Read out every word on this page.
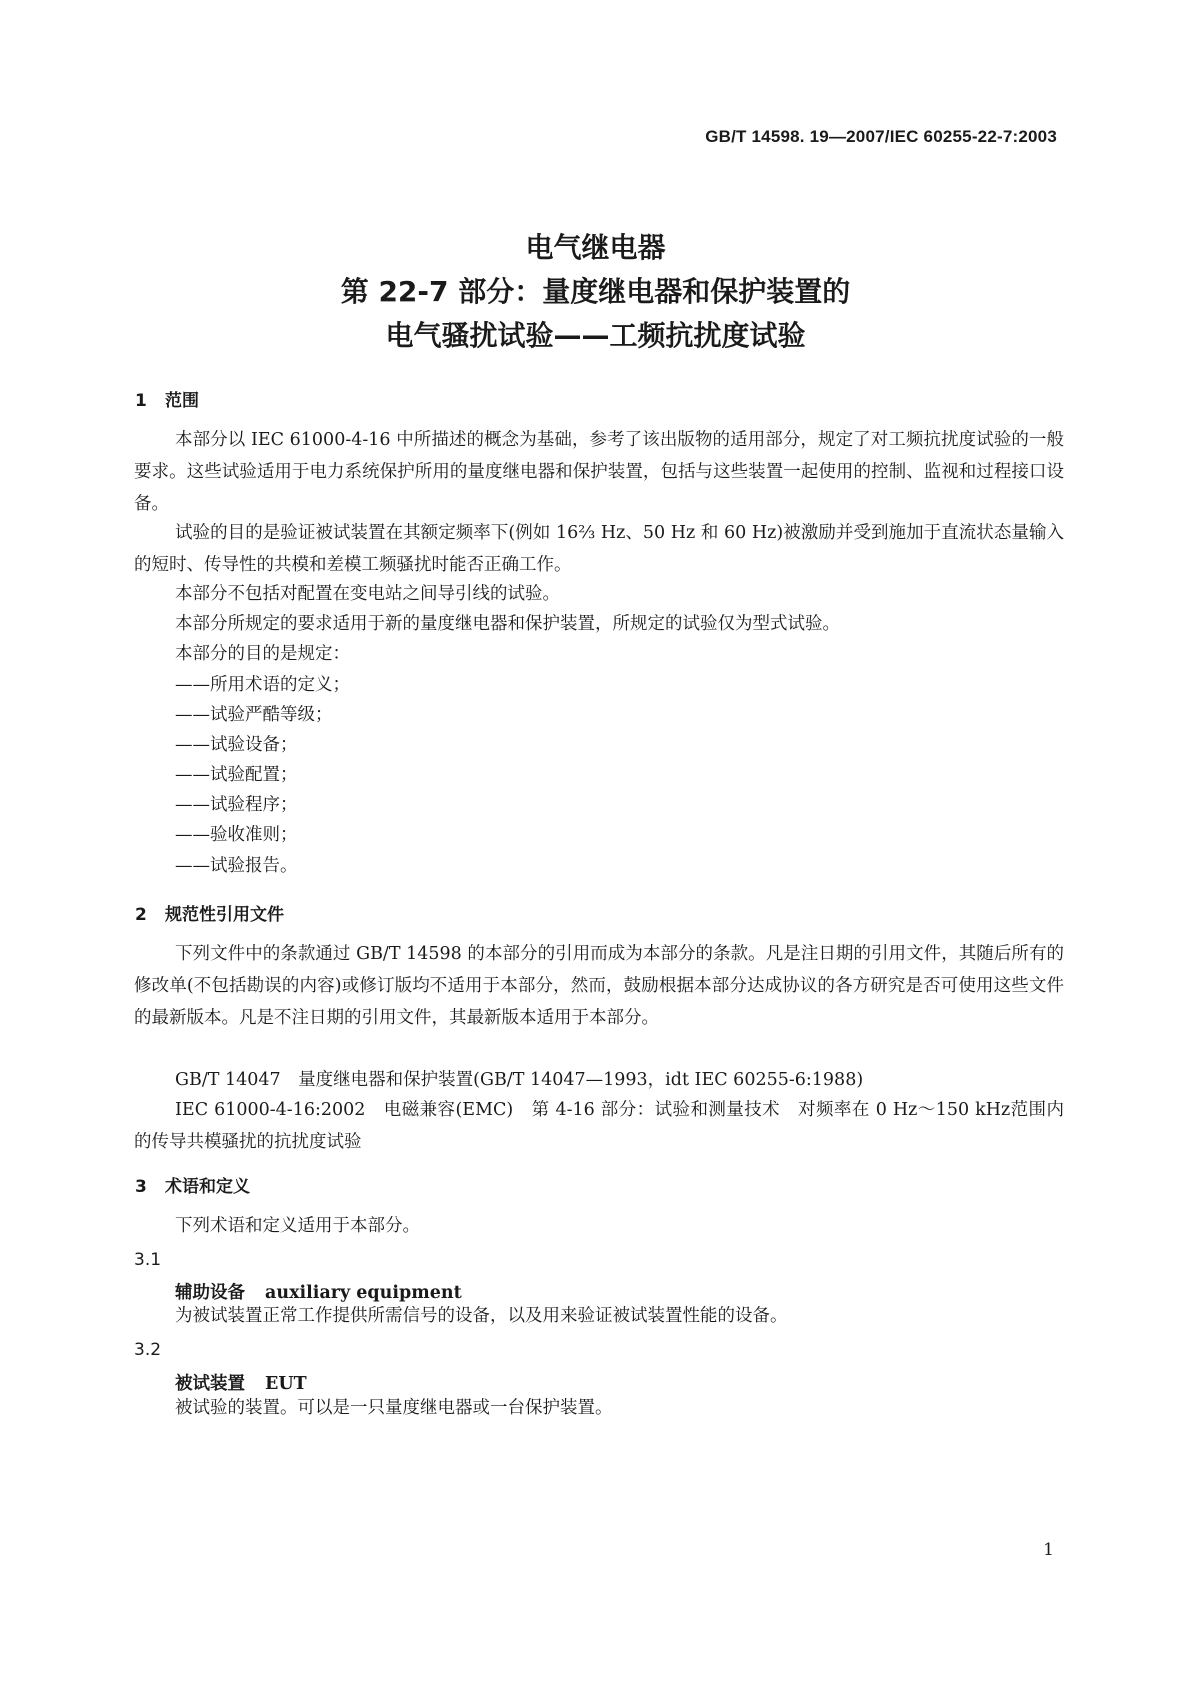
GB/T 14598. 19—2007/IEC 60255-22-7:2003
电气继电器
第 22-7 部分：量度继电器和保护装置的
电气骚扰试验——工频抗扰度试验
1 范围
本部分以 IEC 61000-4-16 中所描述的概念为基础，参考了该出版物的适用部分，规定了对工频抗扰度试验的一般要求。这些试验适用于电力系统保护所用的量度继电器和保护装置，包括与这些装置一起使用的控制、监视和过程接口设备。
试验的目的是验证被试装置在其额定频率下(例如 16⅔ Hz、50 Hz 和 60 Hz)被激励并受到施加于直流状态量输入的短时、传导性的共模和差模工频骚扰时能否正确工作。
本部分不包括对配置在变电站之间导引线的试验。
本部分所规定的要求适用于新的量度继电器和保护装置，所规定的试验仅为型式试验。
本部分的目的是规定：
——所用术语的定义；
——试验严酷等级；
——试验设备；
——试验配置；
——试验程序；
——验收准则；
——试验报告。
2 规范性引用文件
下列文件中的条款通过 GB/T 14598 的本部分的引用而成为本部分的条款。凡是注日期的引用文件，其随后所有的修改单(不包括勘误的内容)或修订版均不适用于本部分，然而，鼓励根据本部分达成协议的各方研究是否可使用这些文件的最新版本。凡是不注日期的引用文件，其最新版本适用于本部分。
GB/T 14047　量度继电器和保护装置(GB/T 14047—1993，idt IEC 60255-6:1988)
IEC 61000-4-16:2002　电磁兼容(EMC)　第 4-16 部分：试验和测量技术　对频率在 0 Hz～150 kHz范围内的传导共模骚扰的抗扰度试验
3 术语和定义
下列术语和定义适用于本部分。
3.1
辅助设备 auxiliary equipment
为被试装置正常工作提供所需信号的设备，以及用来验证被试装置性能的设备。
3.2
被试装置 EUT
被试验的装置。可以是一只量度继电器或一台保护装置。
1
